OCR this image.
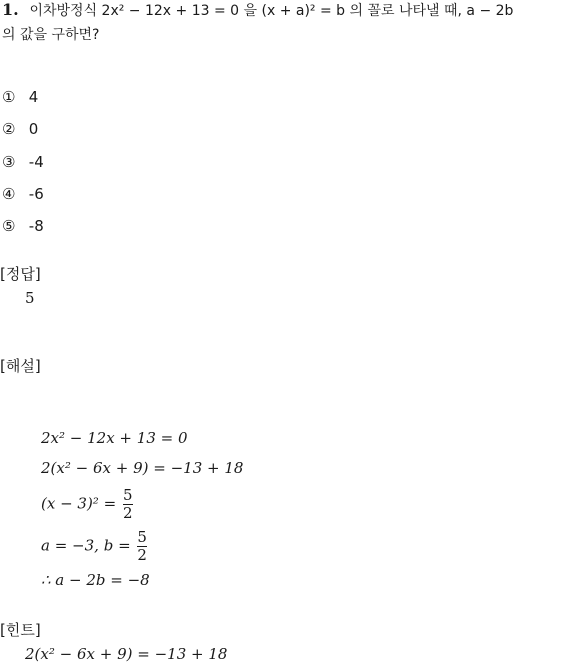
1. 이차방정식 2x² − 12x + 13 = 0 을 (x + a)² = b 의 꼴로 나타낼 때, a − 2b
의 값을 구하면?
① 4
② 0
③ -4
④ -6
⑤ -8
[정답]
5
[해설]
2x² − 12x + 13 = 0
2(x² − 6x + 9) = −13 + 18
$(x - 3)^2 = \frac{5}{2}$
a = −3, $b = \frac{5}{2}$
∴ a − 2b = −8
[힌트]
2(x² − 6x + 9) = −13 + 18
